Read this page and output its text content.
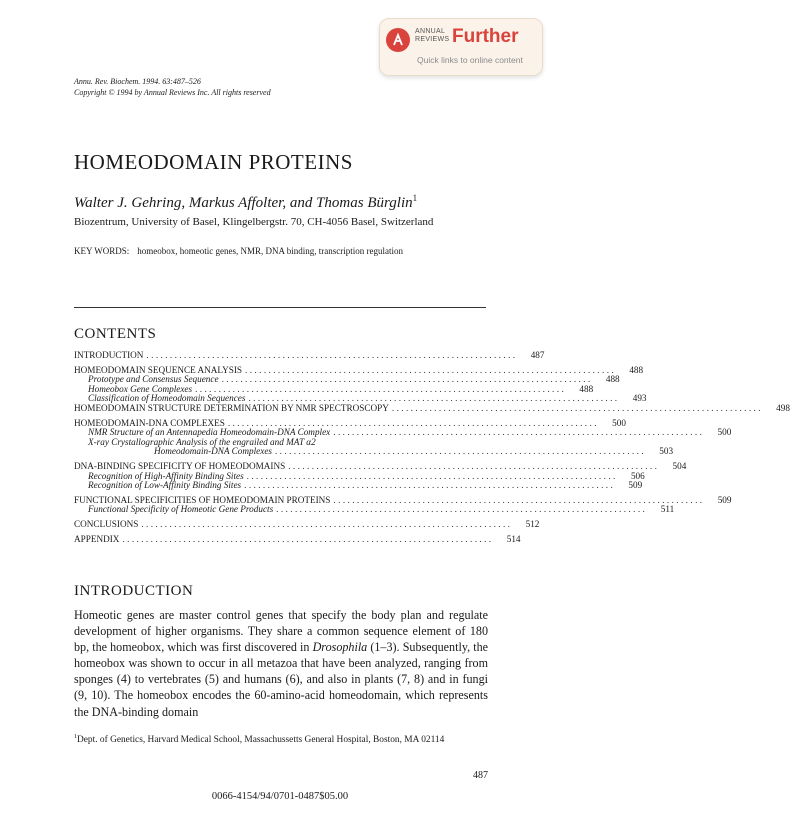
ANNUAL
REVIEWS Further
Quick links to online content
Annu. Rev. Biochem. 1994. 63:487–526
Copyright © 1994 by Annual Reviews Inc. All rights reserved
HOMEODOMAIN PROTEINS
Walter J. Gehring, Markus Affolter, and Thomas Bürglin$^1$
Biozentrum, University of Basel, Klingelbergstr. 70, CH-4056 Basel, Switzerland
KEY WORDS: homeobox, homeotic genes, NMR, DNA binding, transcription regulation
CONTENTS
INTRODUCTION ...............................................................................	487
HOMEODOMAIN SEQUENCE ANALYSIS ...............................................................................	488
Prototype and Consensus Sequence ...............................................................................	488
Homeobox Gene Complexes ...............................................................................	488
Classification of Homeodomain Sequences ...............................................................................	493
HOMEODOMAIN STRUCTURE DETERMINATION BY NMR SPECTROSCOPY ...............................................................................	498
HOMEODOMAIN-DNA COMPLEXES ...............................................................................	500
NMR Structure of an Antennapedia Homeodomain-DNA Complex ...............................................................................	500
X-ray Crystallographic Analysis of the engrailed and MAT α2
Homeodomain-DNA Complexes ...............................................................................	503
DNA-BINDING SPECIFICITY OF HOMEODOMAINS ...............................................................................	504
Recognition of High-Affinity Binding Sites ...............................................................................	506
Recognition of Low-Affinity Binding Sites ...............................................................................	509
FUNCTIONAL SPECIFICITIES OF HOMEODOMAIN PROTEINS ...............................................................................	509
Functional Specificity of Homeotic Gene Products ...............................................................................	511
CONCLUSIONS ...............................................................................	512
APPENDIX ...............................................................................	514
INTRODUCTION
Homeotic genes are master control genes that specify the body plan and regulate development of higher organisms. They share a common sequence element of 180 bp, the homeobox, which was first discovered in Drosophila (1–3). Subsequently, the homeobox was shown to occur in all metazoa that have been analyzed, ranging from sponges (4) to vertebrates (5) and humans (6), and also in plants (7, 8) and in fungi (9, 10). The homeobox encodes the 60-amino-acid homeodomain, which represents the DNA-binding domain
$^1$Dept. of Genetics, Harvard Medical School, Massachussetts General Hospital, Boston, MA 02114
487
0066-4154/94/0701-0487$05.00
